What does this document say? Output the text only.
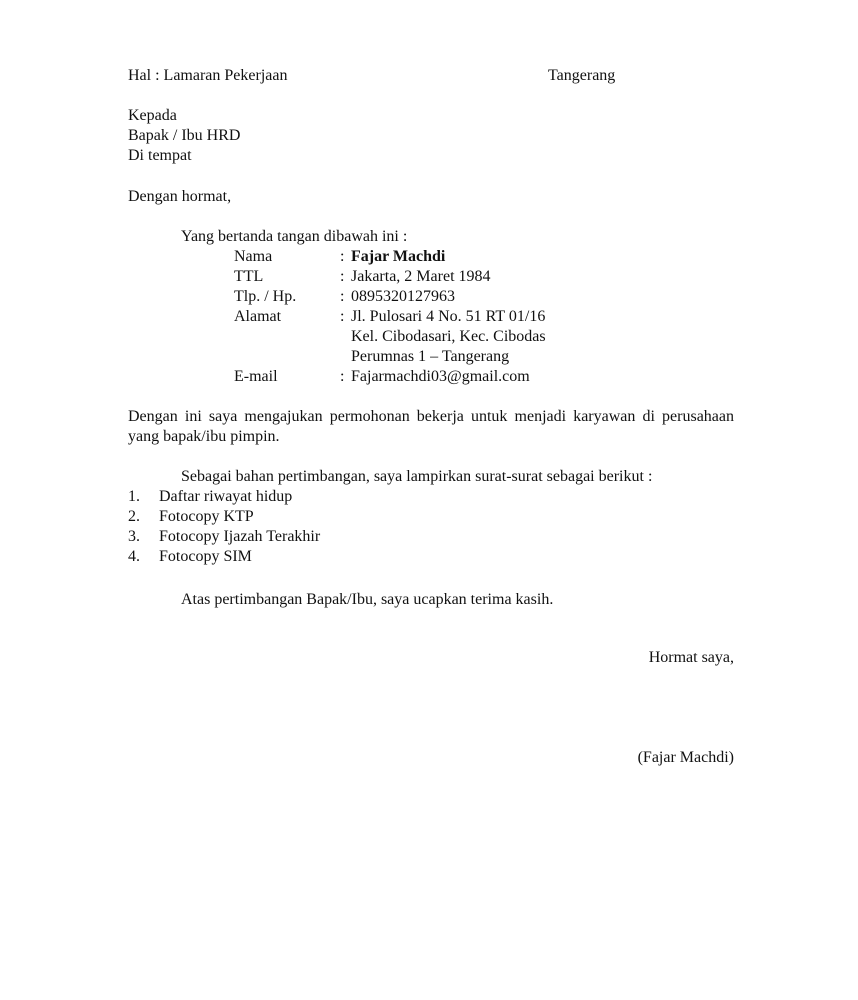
Hal : Lamaran Pekerjaan	Tangerang
Kepada
Bapak / Ibu HRD
Di tempat
Dengan hormat,
Yang bertanda tangan dibawah ini :
Nama	: Fajar Machdi
TTL	: Jakarta, 2 Maret 1984
Tlp. / Hp.	: 0895320127963
Alamat	: Jl. Pulosari 4 No. 51 RT 01/16
Kel. Cibodasari, Kec. Cibodas
Perumnas 1 – Tangerang
E-mail	: Fajarmachdi03@gmail.com
Dengan ini saya mengajukan permohonan bekerja untuk menjadi karyawan di perusahaan yang bapak/ibu pimpin.
Sebagai bahan pertimbangan, saya lampirkan surat-surat sebagai berikut :
1. Daftar riwayat hidup
2. Fotocopy KTP
3. Fotocopy Ijazah Terakhir
4. Fotocopy SIM
Atas pertimbangan Bapak/Ibu, saya ucapkan terima kasih.
Hormat saya,
(Fajar Machdi)
